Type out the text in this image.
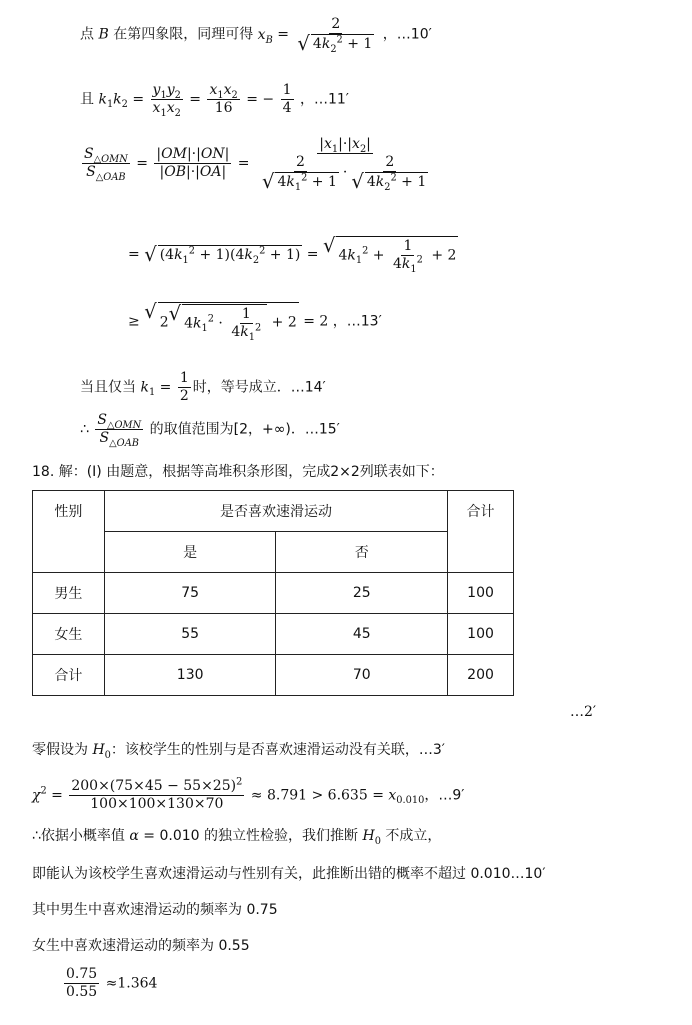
点 B 在第四象限，同理可得 $x_B = \frac{2}{√ 4k_2^2 + 1}$ ，…10′
且 $k_1k_2 = \frac{y_1y_2}{x_1x_2} = \frac{x_1x_2}{16}$ = − $\frac{1}{4}$ ，…11′
$\frac{S_{\triangle OMN}}{S_{\triangle OAB}} = \frac{|OM|\cdot|ON|}{|OB|\cdot|OA|} = \frac{|x_1|\cdot|x_2|}{\frac{2}{√ 4k_1^2 + 1} \cdot \frac{2}{√ 4k_2^2 + 1}}$
= √ $(4k_1^2 + 1)(4k_2^2 + 1)$ = √ $4k_1^2 + \frac{1}{4k_1^2} + 2$
≥ √ 2 √ $4k_1^2 \cdot \frac{1}{4k_1^2} + 2 = 2$ ，…13′
当且仅当 $k_1 = \frac{1}{2}$ 时，等号成立．…14′
∴ $\frac{S_{\triangle OMN}}{S_{\triangle OAB}}$ 的取值范围为[2，+∞)．…15′
18. 解：(Ⅰ) 由题意，根据等高堆积条形图，完成2×2列联表如下：
性别	是否喜欢速滑运动		合计
	是	否	
男生	75	25	100
女生	55	45	100
合计	130	70	200
…2′
零假设为 $H_0$：该校学生的性别与是否喜欢速滑运动没有关联，…3′
$\chi^2 = \frac{200\times(75\times 45 - 55\times 25)^2}{100\times 100\times 130\times 70} \approx 8.791 > 6.635 = x_{0.010}$，…9′
∴依据小概率值 α = 0.010 的独立性检验，我们推断 $H_0$ 不成立，
即能认为该校学生喜欢速滑运动与性别有关，此推断出错的概率不超过 0.010…10′
其中男生中喜欢速滑运动的频率为 0.75
女生中喜欢速滑运动的频率为 0.55
$\frac{0.75}{0.55} \approx 1.364$
